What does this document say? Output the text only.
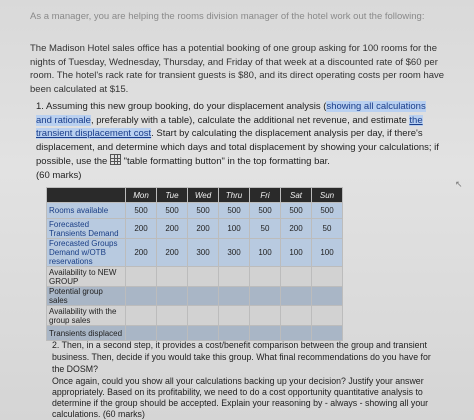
As a manager, you are helping the rooms division manager of the hotel work out the following:
The Madison Hotel sales office has a potential booking of one group asking for 100 rooms for the nights of Tuesday, Wednesday, Thursday, and Friday of that week at a discounted rate of $60 per room. The hotel's rack rate for transient guests is $80, and its direct operating costs per room have been calculated at $15.
1. Assuming this new group booking, do your displacement analysis (showing all calculations and rationale, preferably with a table), calculate the additional net revenue, and estimate the transient displacement cost. Start by calculating the displacement analysis per day, if there's displacement, and determine which days and total displacement by showing your calculations; if possible, use the  "table formatting button" in the top formatting bar.
(60 marks)
	Mon	Tue	Wed	Thru	Fri	Sat	Sun
Rooms available	500	500	500	500	500	500	500
Forecasted Transients Demand	200	200	200	100	50	200	50
Forecasted Groups Demand w/OTB reservations	200	200	300	300	100	100	100
Availability to NEW GROUP							
Potential group sales							
Availability with the group sales							
Transients displaced							
↖
2. Then, in a second step, it provides a cost/benefit comparison between the group and transient business. Then, decide if you would take this group. What final recommendations do you have for the DOSM?
Once again, could you show all your calculations backing up your decision? Justify your answer appropriately. Based on its profitability, we need to do a cost opportunity quantitative analysis to determine if the group should be accepted. Explain your reasoning by - always - showing all your calculations. (60 marks)
